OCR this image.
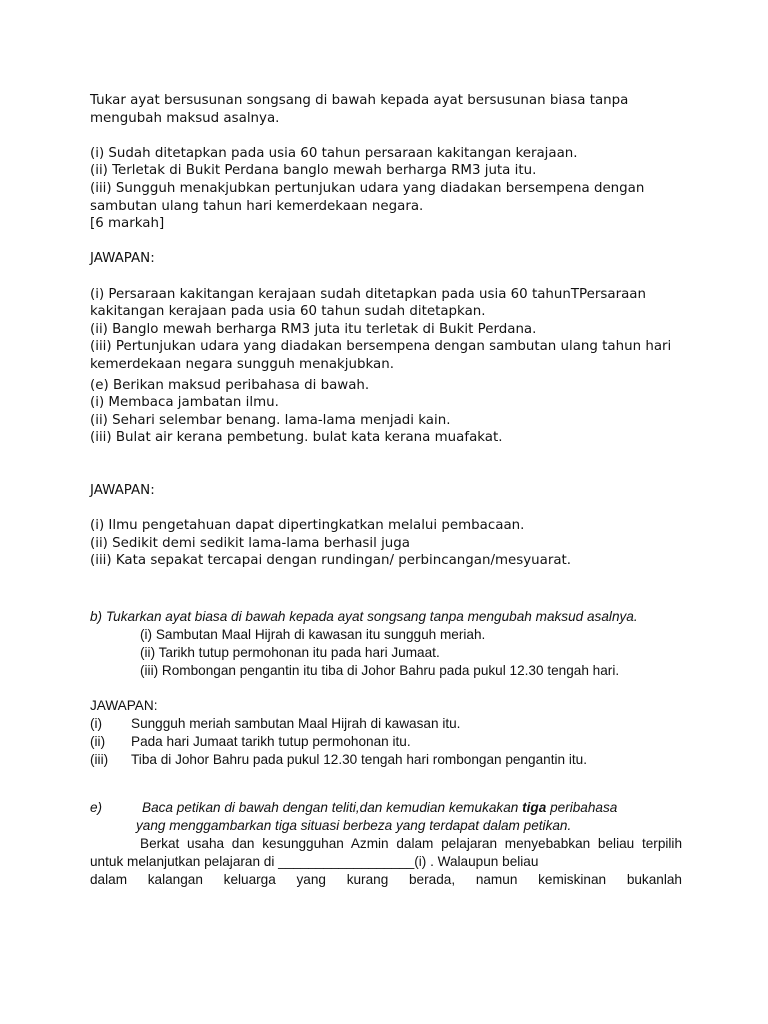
Tukar ayat bersusunan songsang di bawah kepada ayat bersusunan biasa tanpa mengubah maksud asalnya.

(i) Sudah ditetapkan pada usia 60 tahun persaraan kakitangan kerajaan.

(ii) Terletak di Bukit Perdana banglo mewah berharga RM3 juta itu.

(iii) Sungguh menakjubkan pertunjukan udara yang diadakan bersempena dengan sambutan ulang tahun hari kemerdekaan negara.

[6 markah]

JAWAPAN:

(i) Persaraan kakitangan kerajaan sudah ditetapkan pada usia 60 tahunTPersaraan kakitangan kerajaan pada usia 60 tahun sudah ditetapkan.

(ii) Banglo mewah berharga RM3 juta itu terletak di Bukit Perdana.

(iii) Pertunjukan udara yang diadakan bersempena dengan sambutan ulang tahun hari kemerdekaan negara sungguh menakjubkan.

(e) Berikan maksud peribahasa di bawah.

(i) Membaca jambatan ilmu.

(ii) Sehari selembar benang. lama-lama menjadi kain.

(iii) Bulat air kerana pembetung. bulat kata kerana muafakat.

JAWAPAN:

(i) Ilmu pengetahuan dapat dipertingkatkan melalui pembacaan.

(ii) Sedikit demi sedikit lama-lama berhasil juga

(iii) Kata sepakat tercapai dengan rundingan/ perbincangan/mesyuarat.

b) Tukarkan ayat biasa di bawah kepada ayat songsang tanpa mengubah maksud asalnya.

(i) Sambutan Maal Hijrah di kawasan itu sungguh meriah.

(ii) Tarikh tutup permohonan itu pada hari Jumaat.

(iii) Rombongan pengantin itu tiba di Johor Bahru pada pukul 12.30 tengah hari.

JAWAPAN:

(i) Sungguh meriah sambutan Maal Hijrah di kawasan itu.

(ii) Pada hari Jumaat tarikh tutup permohonan itu.

(iii) Tiba di Johor Bahru pada pukul 12.30 tengah hari rombongan pengantin itu.

e)	Baca petikan di bawah dengan teliti,dan kemudian kemukakan tiga peribahasa

yang menggambarkan tiga situasi berbeza yang terdapat dalam petikan.

Berkat usaha dan kesungguhan Azmin dalam pelajaran menyebabkan beliau terpilih untuk melanjutkan pelajaran di __________________(i) . Walaupun beliau

dalam kalangan keluarga yang kurang berada, namun kemiskinan bukanlah
